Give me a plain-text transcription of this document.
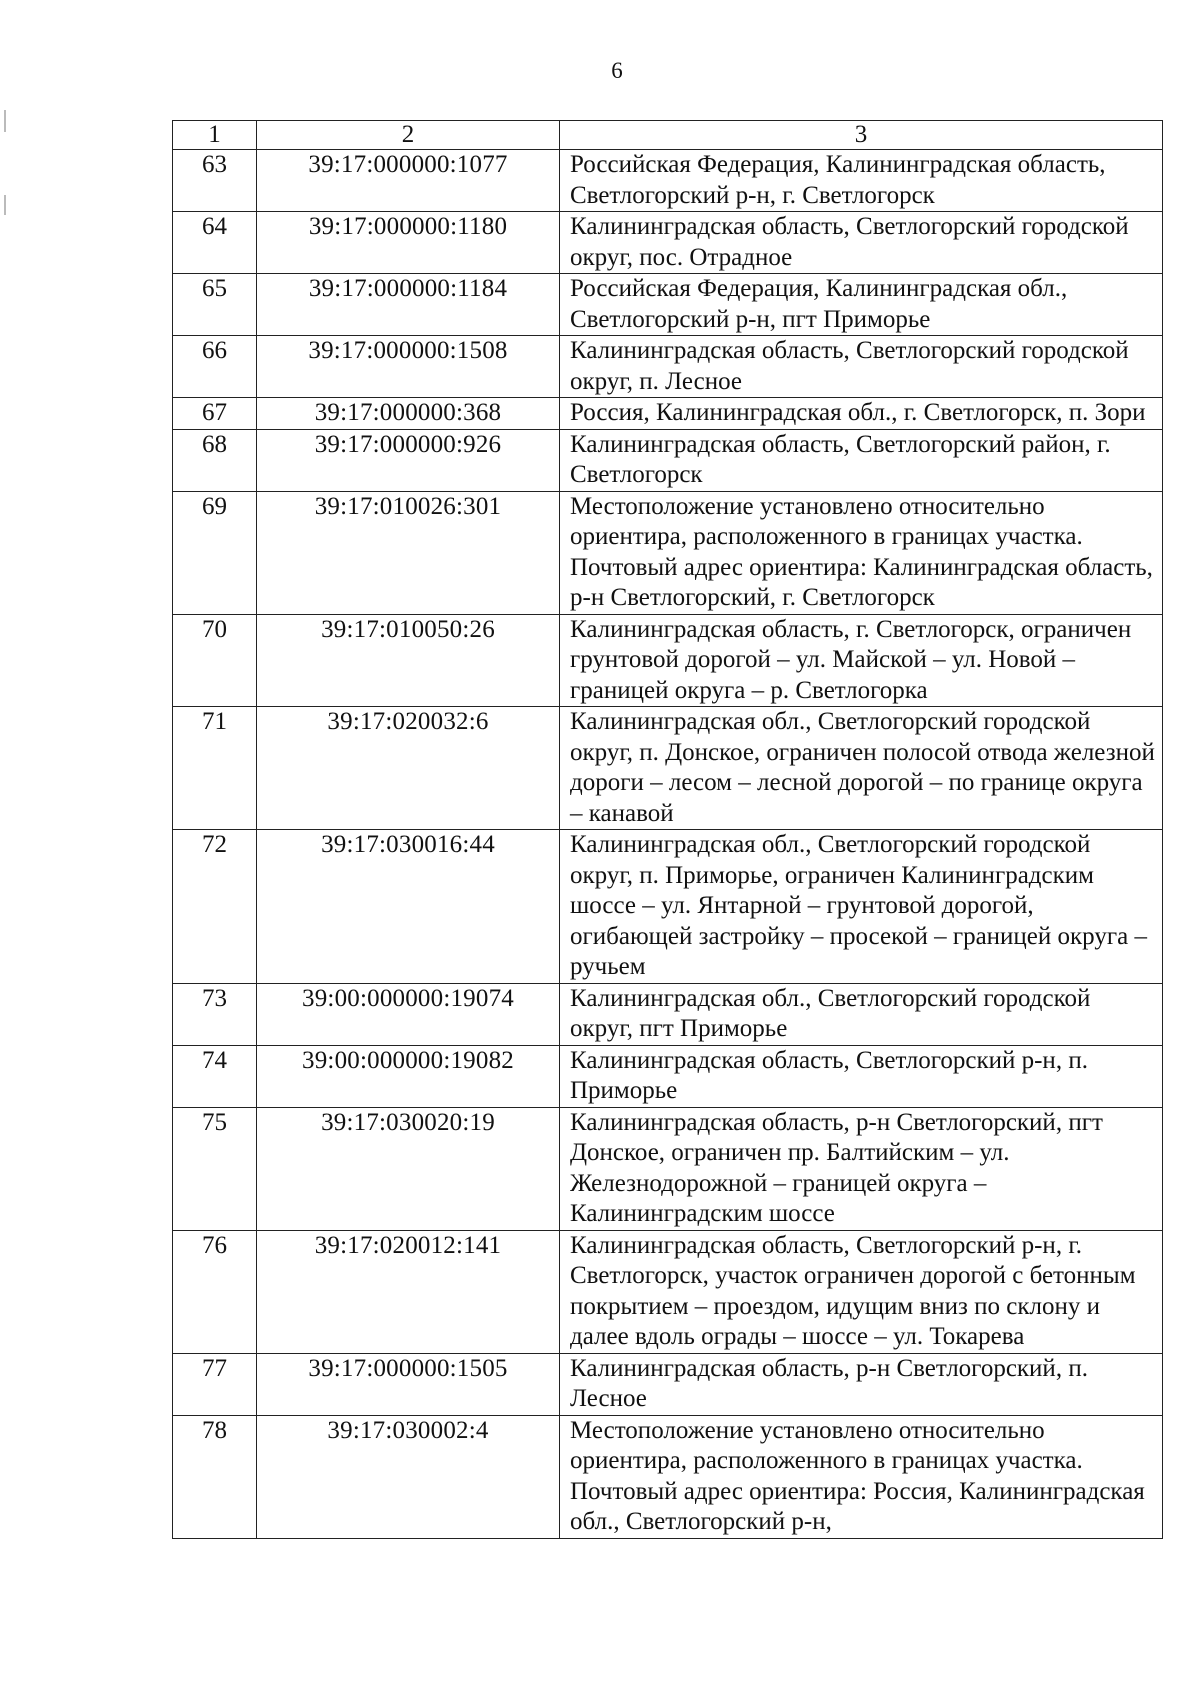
6
1	2	3
63	39:17:000000:1077	Российская Федерация, Калининградская область, Светлогорский р-н, г. Светлогорск
64	39:17:000000:1180	Калининградская область, Светлогорский городской округ, пос. Отрадное
65	39:17:000000:1184	Российская Федерация, Калининградская обл., Светлогорский р-н, пгт Приморье
66	39:17:000000:1508	Калининградская область, Светлогорский городской округ, п. Лесное
67	39:17:000000:368	Россия, Калининградская обл., г. Светлогорск, п. Зори
68	39:17:000000:926	Калининградская область, Светлогорский район, г. Светлогорск
69	39:17:010026:301	Местоположение установлено относительно ориентира, расположенного в границах участка. Почтовый адрес ориентира: Калининградская область, р-н Светлогорский, г. Светлогорск
70	39:17:010050:26	Калининградская область, г. Светлогорск, ограничен грунтовой дорогой – ул. Майской – ул. Новой – границей округа – р. Светлогорка
71	39:17:020032:6	Калининградская обл., Светлогорский городской округ, п. Донское, ограничен полосой отвода железной дороги – лесом – лесной дорогой – по границе округа – канавой
72	39:17:030016:44	Калининградская обл., Светлогорский городской округ, п. Приморье, ограничен Калининградским шоссе – ул. Янтарной – грунтовой дорогой, огибающей застройку – просекой – границей округа – ручьем
73	39:00:000000:19074	Калининградская обл., Светлогорский городской округ, пгт Приморье
74	39:00:000000:19082	Калининградская область, Светлогорский р-н, п. Приморье
75	39:17:030020:19	Калининградская область, р-н Светлогорский, пгт Донское, ограничен пр. Балтийским – ул. Железнодорожной – границей округа – Калининградским шоссе
76	39:17:020012:141	Калининградская область, Светлогорский р-н, г. Светлогорск, участок ограничен дорогой с бетонным покрытием – проездом, идущим вниз по склону и далее вдоль ограды – шоссе – ул. Токарева
77	39:17:000000:1505	Калининградская область, р-н Светлогорский, п. Лесное
78	39:17:030002:4	Местоположение установлено относительно ориентира, расположенного в границах участка. Почтовый адрес ориентира: Россия, Калининградская обл., Светлогорский р-н,
